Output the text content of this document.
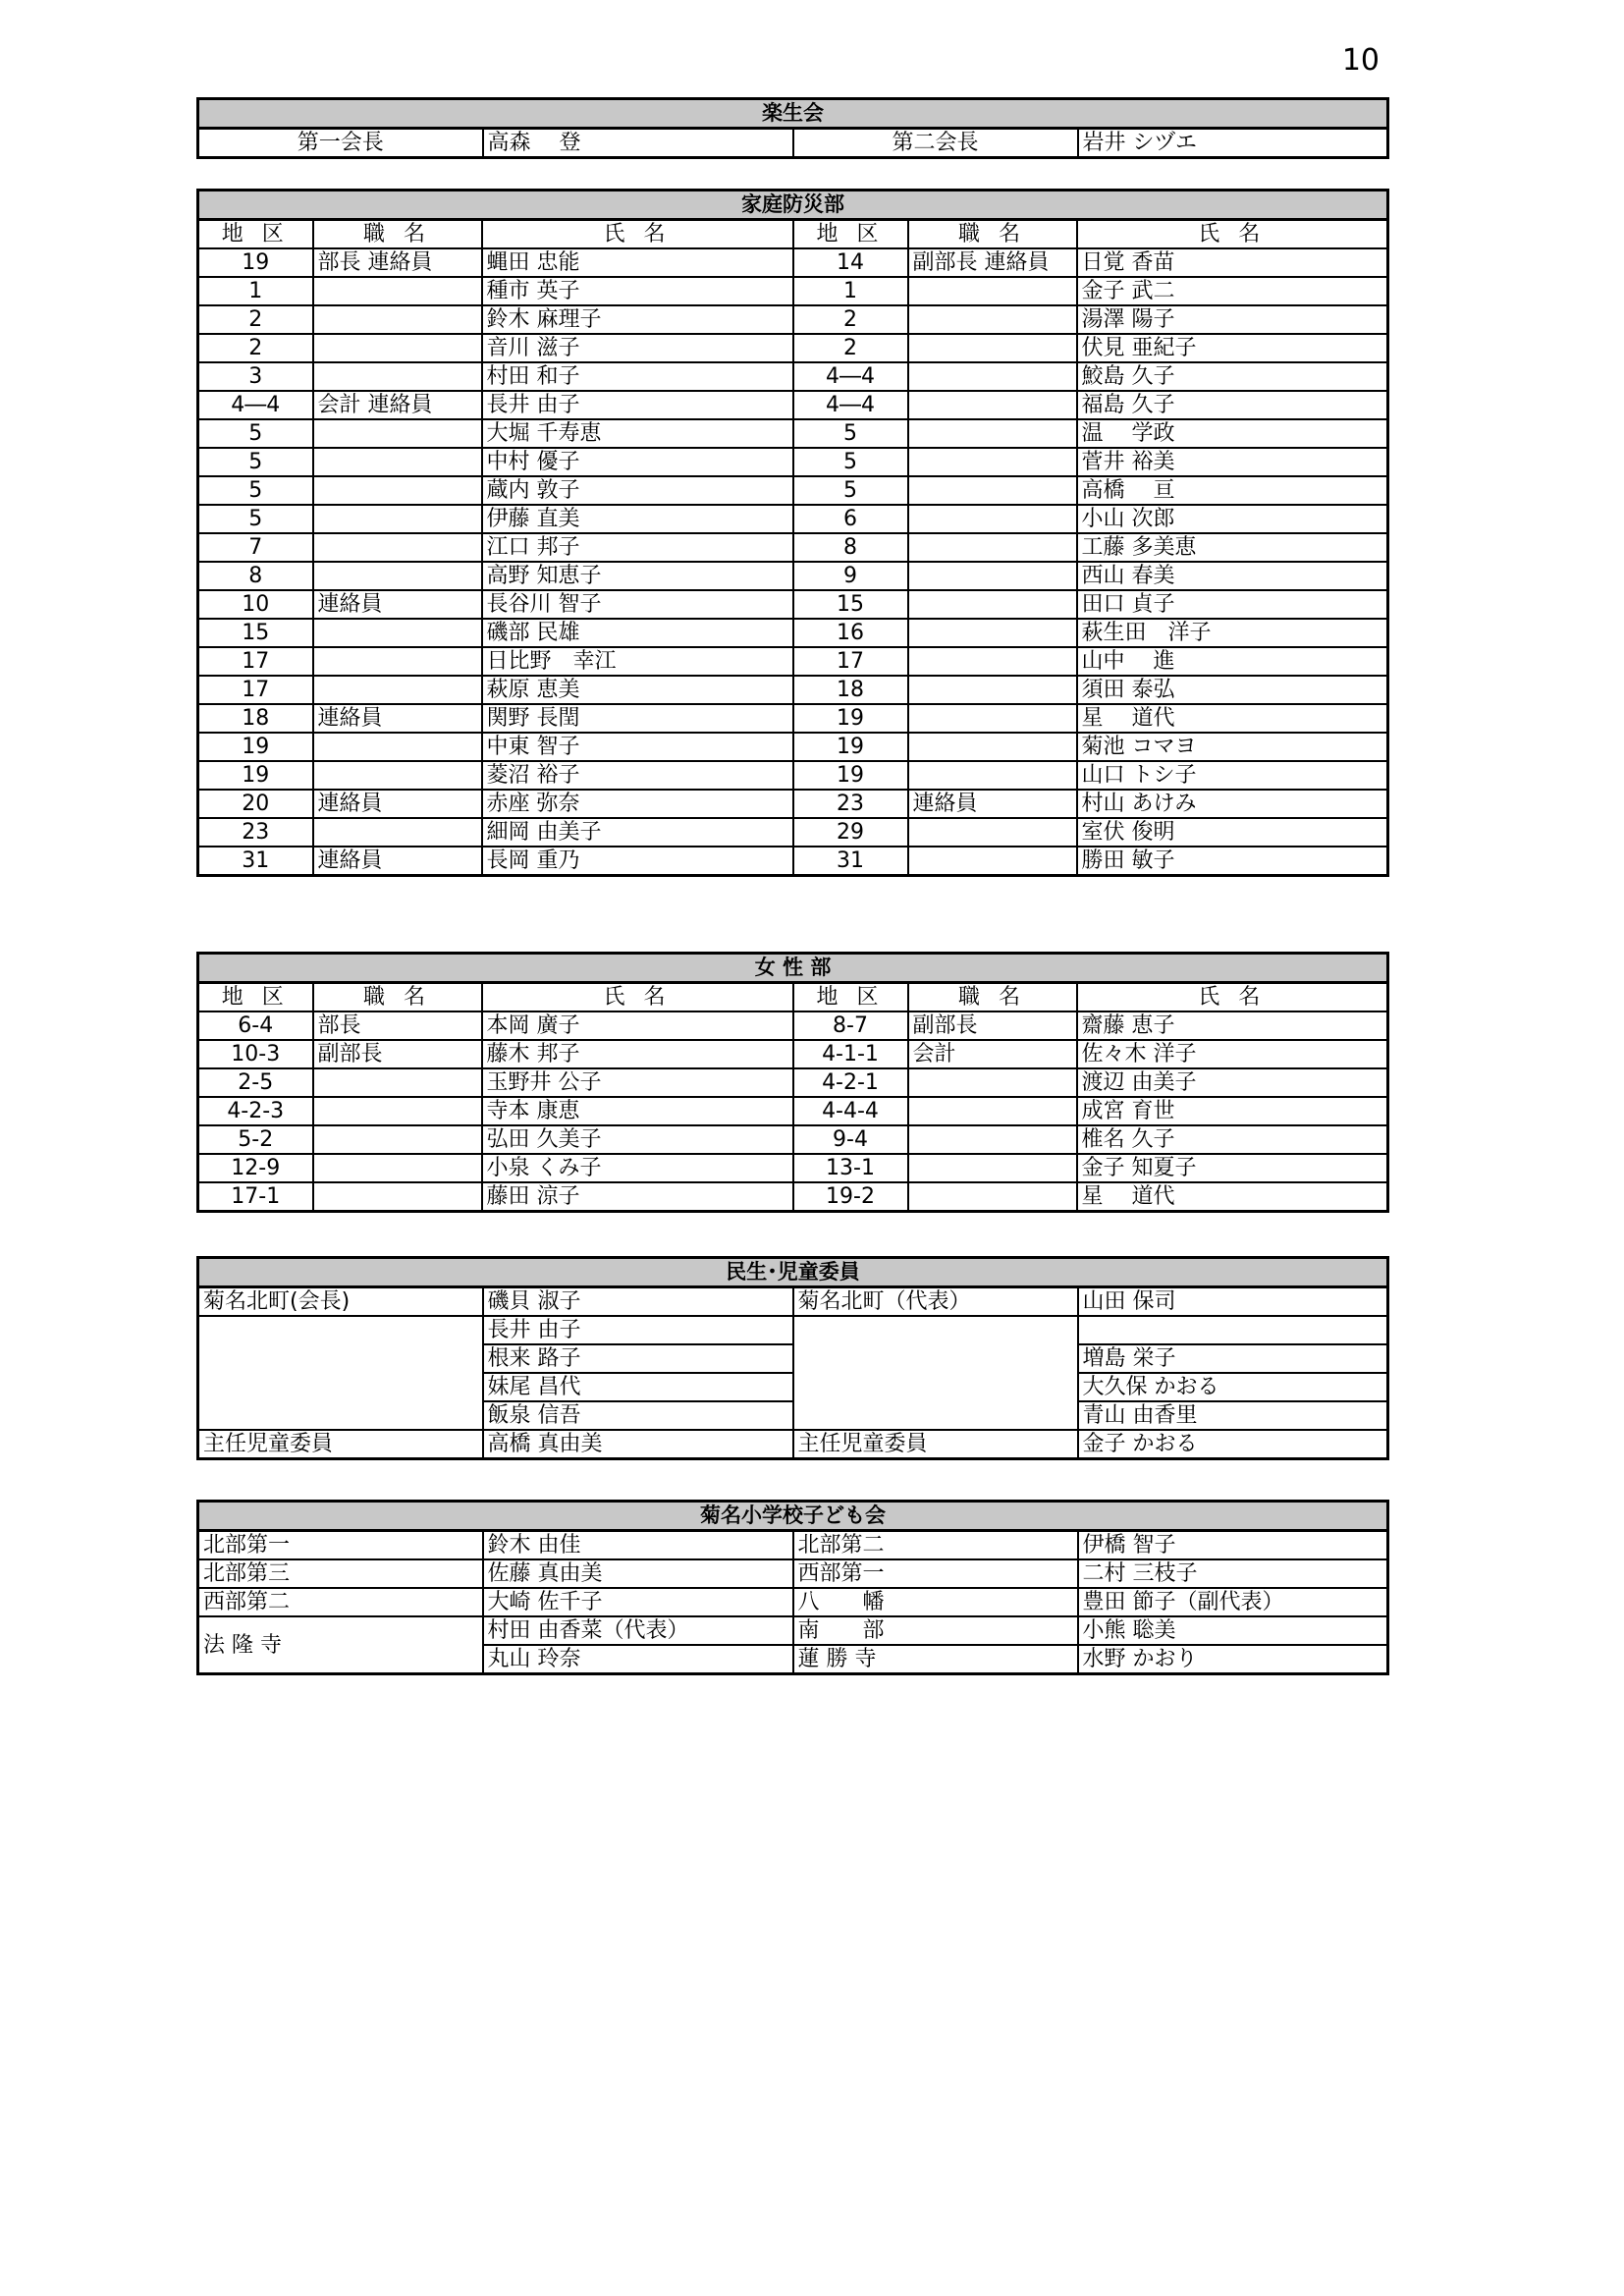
10
楽生会
第一会長	高森　 登	第二会長	岩井 シヅエ
家庭防災部					
地 区	職 名	氏 名	地 区	職 名	氏 名
19	部長 連絡員	蝿田 忠能	14	副部長 連絡員	日覚 香苗
1		種市 英子	1		金子 武二
2		鈴木 麻理子	2		湯澤 陽子
2		音川 滋子	2		伏見 亜紀子
3		村田 和子	4―4		鮫島 久子
4―4	会計 連絡員	長井 由子	4―4		福島 久子
5		大堀 千寿恵	5		温　 学政
5		中村 優子	5		菅井 裕美
5		蔵内 敦子	5		高橋　 亘
5		伊藤 直美	6		小山 次郎
7		江口 邦子	8		工藤 多美恵
8		高野 知恵子	9		西山 春美
10	連絡員	長谷川 智子	15		田口 貞子
15		磯部 民雄	16		萩生田　洋子
17		日比野　幸江	17		山中　 進
17		萩原 恵美	18		須田 泰弘
18	連絡員	関野 長閏	19		星　 道代
19		中東 智子	19		菊池 コマヨ
19		菱沼 裕子	19		山口 トシ子
20	連絡員	赤座 弥奈	23	連絡員	村山 あけみ
23		細岡 由美子	29		室伏 俊明
31	連絡員	長岡 重乃	31		勝田 敏子
女 性 部					
地 区	職 名	氏 名	地 区	職 名	氏 名
6-4	部長	本岡 廣子	8-7	副部長	齋藤 恵子
10-3	副部長	藤木 邦子	4-1-1	会計	佐々木 洋子
2-5		玉野井 公子	4-2-1		渡辺 由美子
4-2-3		寺本 康恵	4-4-4		成宮 育世
5-2		弘田 久美子	9-4		椎名 久子
12-9		小泉 くみ子	13-1		金子 知夏子
17-1		藤田 涼子	19-2		星　 道代
民生･児童委員			
菊名北町(会長)	磯貝 淑子	菊名北町（代表）	山田 保司
	長井 由子		
	根来 路子		増島 栄子
	妹尾 昌代		大久保 かおる
	飯泉 信吾		青山 由香里
主任児童委員	高橋 真由美	主任児童委員	金子 かおる
菊名小学校子ども会			
北部第一	鈴木 由佳	北部第二	伊橋 智子
北部第三	佐藤 真由美	西部第一	二村 三枝子
西部第二	大崎 佐千子	八　　幡	豊田 節子（副代表）
法 隆 寺	村田 由香菜（代表）	南　　部	小熊 聡美
	丸山 玲奈	蓮 勝 寺	水野 かおり
